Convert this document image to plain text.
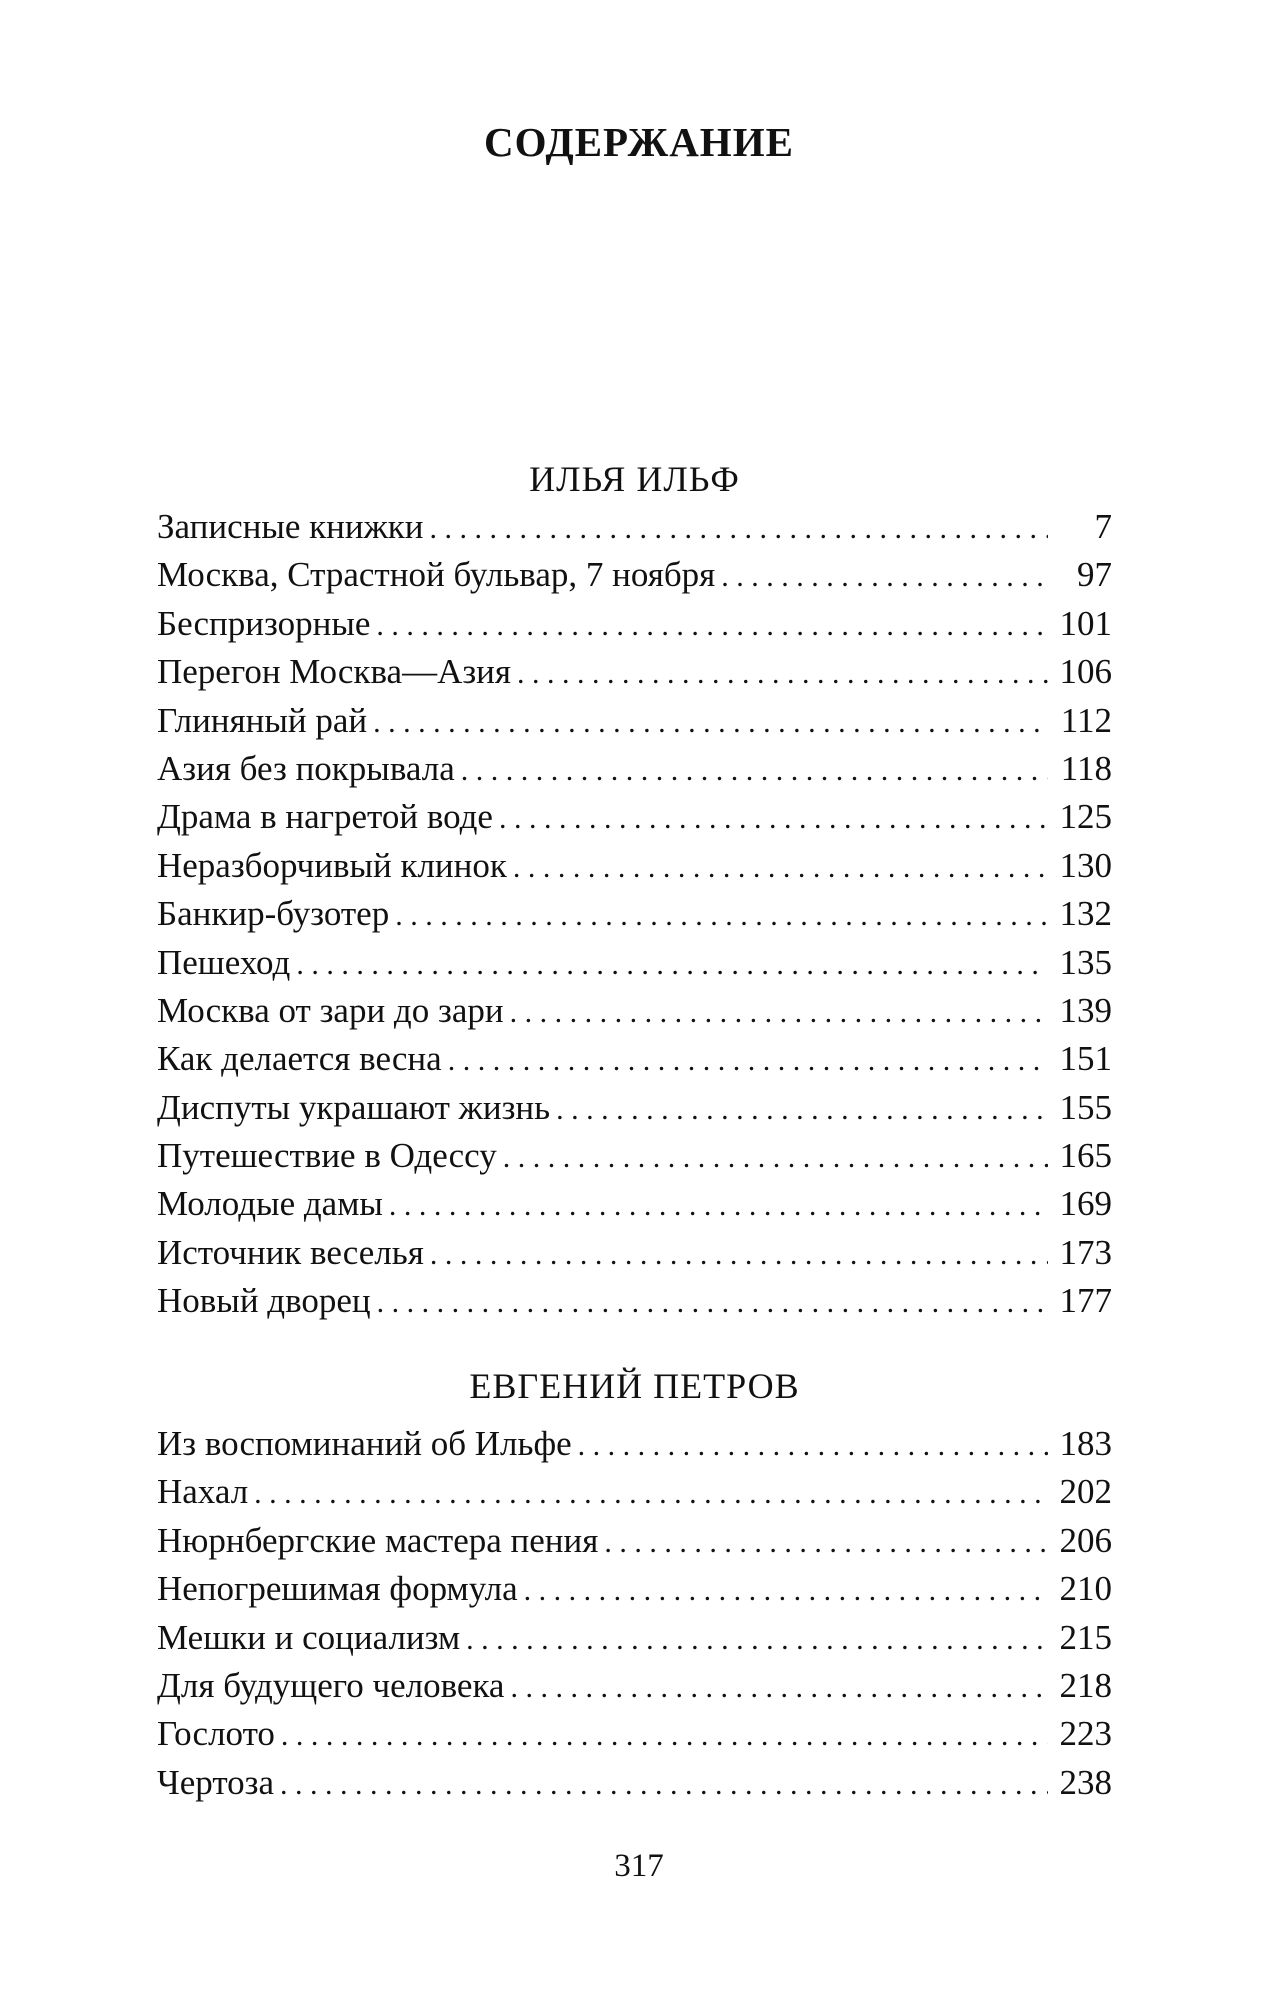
СОДЕРЖАНИЕ
ИЛЬЯ ИЛЬФ
Записные книжки . . .	7
Москва, Страстной бульвар, 7 ноября . . .	97
Беспризорные . . .	101
Перегон Москва—Азия . . .	106
Глиняный рай . . .	112
Азия без покрывала . . .	118
Драма в нагретой воде . . .	125
Неразборчивый клинок . . .	130
Банкир-бузотер . . .	132
Пешеход . . .	135
Москва от зари до зари . . .	139
Как делается весна . . .	151
Диспуты украшают жизнь . . .	155
Путешествие в Одессу . . .	165
Молодые дамы . . .	169
Источник веселья . . .	173
Новый дворец . . .	177
ЕВГЕНИЙ ПЕТРОВ
Из воспоминаний об Ильфе . . .	183
Нахал . . .	202
Нюрнбергские мастера пения . . .	206
Непогрешимая формула . . .	210
Мешки и социализм . . .	215
Для будущего человека . . .	218
Гослото . . .	223
Чертоза . . .	238
317
